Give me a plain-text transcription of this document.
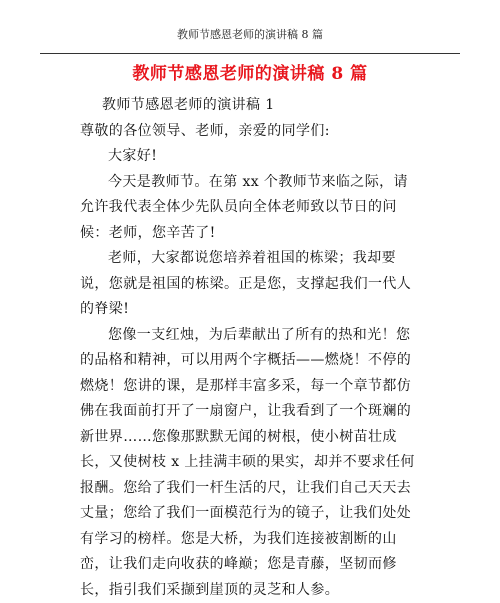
教师节感恩老师的演讲稿 8 篇
教师节感恩老师的演讲稿 8 篇

教师节感恩老师的演讲稿 1

尊敬的各位领导、老师，亲爱的同学们:

大家好!

今天是教师节。在第 xx 个教师节来临之际，请允许我代表全体少先队员向全体老师致以节日的问候：老师，您辛苦了!

老师，大家都说您培养着祖国的栋梁；我却要说，您就是祖国的栋梁。正是您，支撑起我们一代人的脊梁!

您像一支红烛，为后辈献出了所有的热和光！您的品格和精神，可以用两个字概括——燃烧！不停的燃烧！您讲的课，是那样丰富多采，每一个章节都仿佛在我面前打开了一扇窗户，让我看到了一个斑斓的新世界……您像那默默无闻的树根，使小树苗壮成长，又使树枝 x 上挂满丰硕的果实，却并不要求任何报酬。您给了我们一杆生活的尺，让我们自己天天去丈量；您给了我们一面模范行为的镜子，让我们处处有学习的榜样。您是大桥，为我们连接被割断的山峦，让我们走向收获的峰巅；您是青藤，坚韧而修长，指引我们采撷到崖顶的灵芝和人参。
